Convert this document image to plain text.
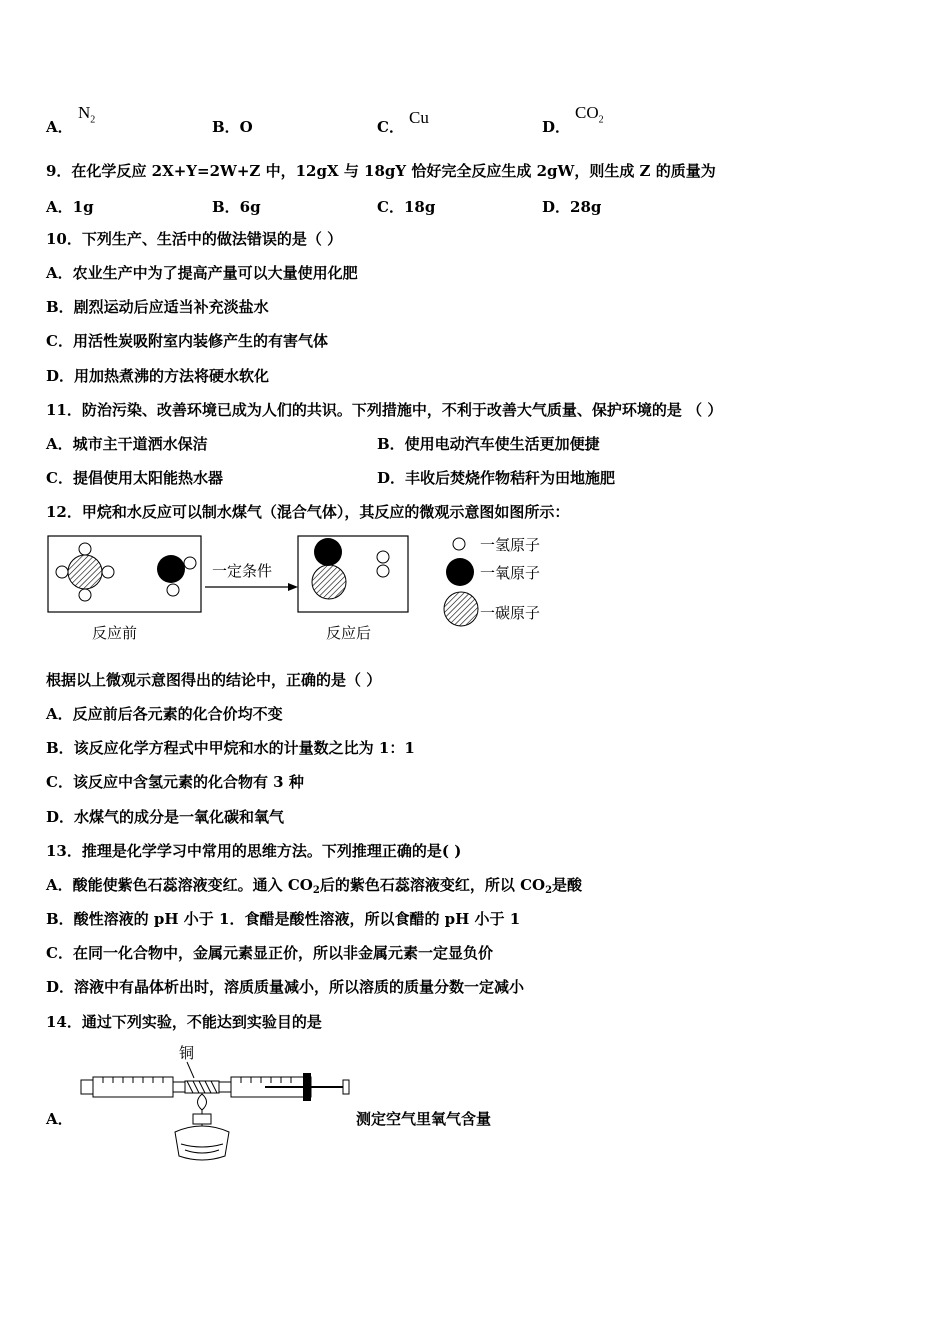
A．
$N_2$	B．O	C． Cu	D．
$CO_2$
9．在化学反应 2X+Y=2W+Z 中，12gX 与 18gY 恰好完全反应生成 2gW，则生成 Z 的质量为
A．1g	B．6g	C．18g	D．28g
10．下列生产、生活中的做法错误的是（ ）
A．农业生产中为了提高产量可以大量使用化肥
B．剧烈运动后应适当补充淡盐水
C．用活性炭吸附室内装修产生的有害气体
D．用加热煮沸的方法将硬水软化
11．防治污染、改善环境已成为人们的共识。下列措施中，不利于改善大气质量、保护环境的是 （ ）
A．城市主干道洒水保洁	B．使用电动汽车使生活更加便捷
C．提倡使用太阳能热水器	D．丰收后焚烧作物秸秆为田地施肥
12．甲烷和水反应可以制水煤气（混合气体），其反应的微观示意图如图所示：
一定条件
反应前	反应后
一氢原子
一氧原子
一碳原子
根据以上微观示意图得出的结论中，正确的是（ ）
A．反应前后各元素的化合价均不变
B．该反应化学方程式中甲烷和水的计量数之比为 1：1
C．该反应中含氢元素的化合物有 3 种
D．水煤气的成分是一氧化碳和氧气
13．推理是化学学习中常用的思维方法。下列推理正确的是( )
A．酸能使紫色石蕊溶液变红。通入 $CO_2$后的紫色石蕊溶液变红，所以 $CO_2$是酸
B．酸性溶液的 pH 小于 1．食醋是酸性溶液，所以食醋的 pH 小于 1
C．在同一化合物中，金属元素显正价，所以非金属元素一定显负价
D．溶液中有晶体析出时，溶质质量减小，所以溶质的质量分数一定减小
14．通过下列实验，不能达到实验目的是
铜
A．	测定空气里氧气含量
